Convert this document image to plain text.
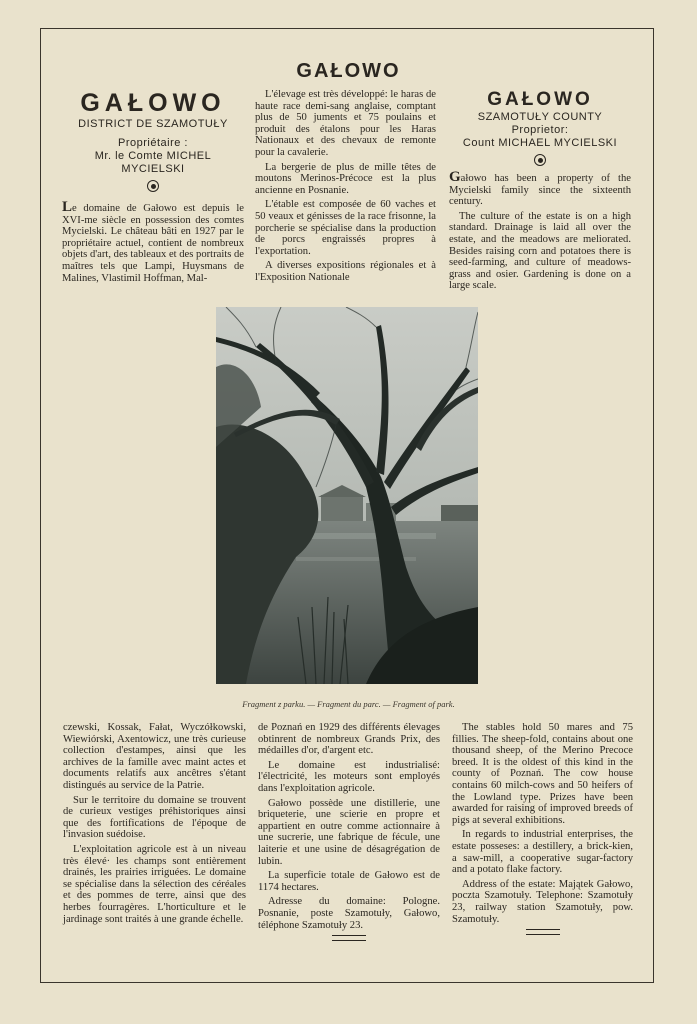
GAŁOWO
GAŁOWO
DISTRICT DE SZAMOTUŁY
Propriétaire :
Mr. le Comte MICHEL MYCIELSKI

Le domaine de Gałowo est depuis le XVI-me siècle en possession des comtes Mycielski. Le château bâti en 1927 par le propriétaire actuel, contient de nombreux objets d'art, des tableaux et des portraits de maîtres tels que Lampi, Huysmans de Malines, Vlastimil Hoffman, Mal-

L'élevage est très développé: le haras de haute race demi-sang anglaise, comptant plus de 50 juments et 75 poulains et produit des étalons pour les Haras Nationaux et des chevaux de remonte pour la cavalerie.

La bergerie de plus de mille têtes de moutons Merinos-Précoce est la plus ancienne en Posnanie.

L'étable est composée de 60 vaches et 50 veaux et génisses de la race frisonne, la porcherie se spécialise dans la production de porcs engraissés propres à l'exportation.

A diverses expositions régionales et à l'Exposition Nationale

GAŁOWO
SZAMOTUŁY COUNTY
Proprietor:
Count MICHAEL MYCIELSKI

Gałowo has been a property of the Mycielski family since the sixteenth century.

The culture of the estate is on a high standard. Drainage is laid all over the estate, and the meadows are meliorated. Besides raising corn and potatoes there is seed-farming, and culture of meadows-grass and osier. Gardening is done on a large scale.

Fragment z parku. — Fragment du parc. — Fragment of park.

czewski, Kossak, Fałat, Wyczółkowski, Wiewiórski, Axentowicz, une très curieuse collection d'estampes, ainsi que les archives de la famille avec maint actes et documents relatifs aux ancêtres s'étant distingués au service de la Patrie.

Sur le territoire du domaine se trouvent de curieux vestiges préhistoriques ainsi que des fortifications de l'époque de l'invasion suédoise.

L'exploitation agricole est à un niveau très élevé· les champs sont entièrement drainés, les prairies irriguées. Le domaine se spécialise dans la sélection des céréales et des pommes de terre, ainsi que des herbes fourragères. L'horticulture et le jardinage sont traités à une grande échelle.

de Poznań en 1929 des différents élevages obtinrent de nombreux Grands Prix, des médailles d'or, d'argent etc.

Le domaine est industrialisé: l'électricité, les moteurs sont employés dans l'exploitation agricole.

Gałowo possède une distillerie, une briqueterie, une scierie en propre et appartient en outre comme actionnaire à une sucrerie, une fabrique de fécule, une laiterie et une usine de désagrégation de lubin.

La superficie totale de Gałowo est de 1174 hectares.

Adresse du domaine: Pologne. Posnanie, poste Szamotuły, Gałowo, téléphone Szamotuły 23.

The stables hold 50 mares and 75 fillies. The sheep-fold, contains about one thousand sheep, of the Merino Precoce breed. It is the oldest of this kind in the county of Poznań. The cow house contains 60 milch-cows and 50 heifers of the Lowland type. Prizes have been awarded for raising of improved breeds of pigs at several exhibitions.

In regards to industrial enterprises, the estate posseses: a destillery, a brick-kien, a saw-mill, a cooperative sugar-factory and a potato flake factory.

Address of the estate: Majątek Gałowo, poczta Szamotuły. Telephone: Szamotuły 23, railway station Szamotuły, pow. Szamotuły.
